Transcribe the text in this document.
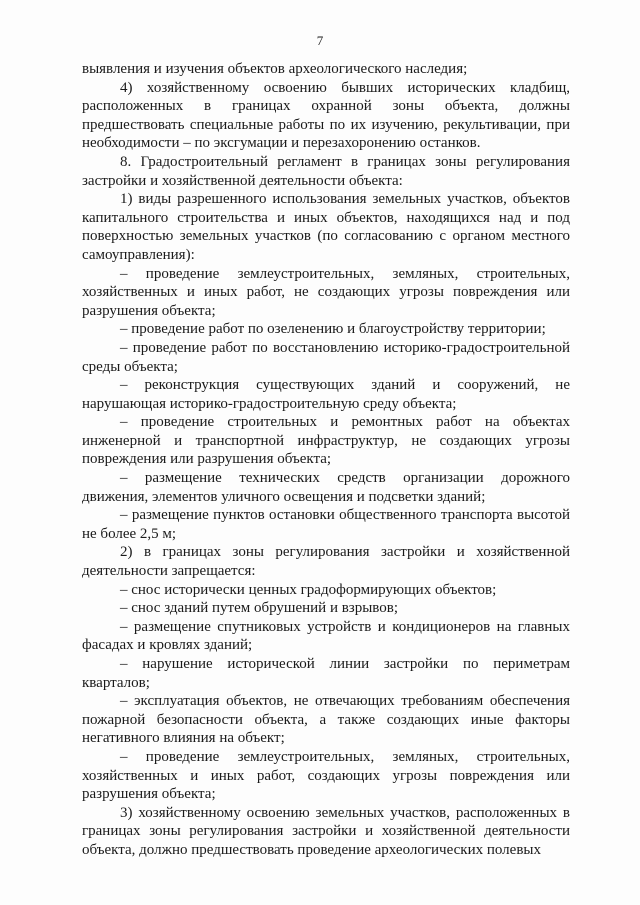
7

выявления и изучения объектов археологического наследия;

4) хозяйственному освоению бывших исторических кладбищ, расположенных в границах охранной зоны объекта, должны предшествовать специальные работы по их изучению, рекультивации, при необходимости – по эксгумации и перезахоронению останков.

8. Градостроительный регламент в границах зоны регулирования застройки и хозяйственной деятельности объекта:

1) виды разрешенного использования земельных участков, объектов капитального строительства и иных объектов, находящихся над и под поверхностью земельных участков (по согласованию с органом местного самоуправления):

– проведение землеустроительных, земляных, строительных, хозяйственных и иных работ, не создающих угрозы повреждения или разрушения объекта;

– проведение работ по озеленению и благоустройству территории;

– проведение работ по восстановлению историко-градостроительной среды объекта;

– реконструкция существующих зданий и сооружений, не нарушающая историко-градостроительную среду объекта;

– проведение строительных и ремонтных работ на объектах инженерной и транспортной инфраструктур, не создающих угрозы повреждения или разрушения объекта;

– размещение технических средств организации дорожного движения, элементов уличного освещения и подсветки зданий;

– размещение пунктов остановки общественного транспорта высотой не более 2,5 м;

2) в границах зоны регулирования застройки и хозяйственной деятельности запрещается:

– снос исторически ценных градоформирующих объектов;

– снос зданий путем обрушений и взрывов;

– размещение спутниковых устройств и кондиционеров на главных фасадах и кровлях зданий;

– нарушение исторической линии застройки по периметрам кварталов;

– эксплуатация объектов, не отвечающих требованиям обеспечения пожарной безопасности объекта, а также создающих иные факторы негативного влияния на объект;

– проведение землеустроительных, земляных, строительных, хозяйственных и иных работ, создающих угрозы повреждения или разрушения объекта;

3) хозяйственному освоению земельных участков, расположенных в границах зоны регулирования застройки и хозяйственной деятельности объекта, должно предшествовать проведение археологических полевых
